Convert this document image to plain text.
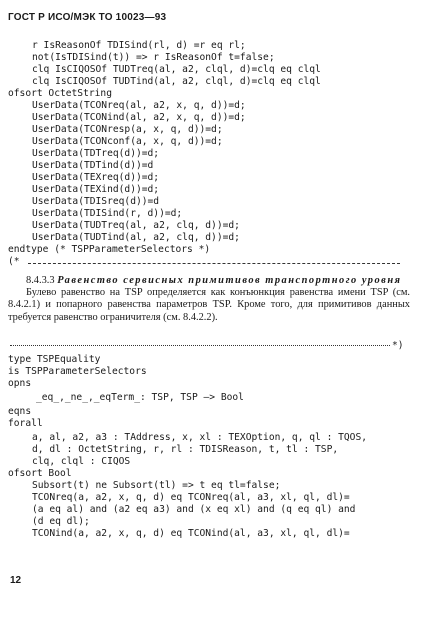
ГОСТ Р ИСО/МЭК ТО 10023—93

r IsReasonOf TDISind(rl, d) =r eq rl;

not(IsTDISind(t)) => r IsReasonOf t=false;

clq IsCIQOSOf TUDTreq(al, a2, clql, d)=clq eq clql

clq IsCIQOSOf TUDTind(al, a2, clql, d)=clq eq clql

ofsort OctetString

UserData(TCONreq(al, a2, x, q, d))=d;

UserData(TCONind(al, a2, x, q, d))=d;

UserData(TCONresp(a, x, q, d))=d;

UserData(TCONconf(a, x, q, d))=d;

UserData(TDTreq(d))=d;

UserData(TDTind(d))=d

UserData(TEXreq(d))=d;

UserData(TEXind(d))=d;

UserData(TDISreq(d))=d

UserData(TDISind(r, d))=d;

UserData(TUDTreq(al, a2, clq, d))=d;

UserData(TUDTind(al, a2, clq, d))=d;

endtype (* TSPParameterSelectors *)

(*

8.4.3.3 Равенство сервисных примитивов транспортного уровня
Булево равенство на TSP определяется как конъюнкция равенства имени TSP (см. 8.4.2.1) и попарного равенства параметров TSP. Кроме того, для примитивов данных требуется равенство ограничителя (см. 8.4.2.2).

*)

type TSPEquality

is TSPParameterSelectors

opns

_eq_,_ne_,_eqTerm_: TSP, TSP —> Bool

eqns

forall

a, al, a2, a3 : TAddress, x, xl : TEXOption, q, ql : TQOS,

d, dl : OctetString, r, rl : TDISReason, t, tl : TSP,

clq, clql : CIQOS

ofsort Bool

Subsort(t) ne Subsort(tl) => t eq tl=false;

TCONreq(a, a2, x, q, d) eq TCONreq(al, a3, xl, ql, dl)=

(a eq al) and (a2 eq a3) and (x eq xl) and (q eq ql) and

(d eq dl);

TCONind(a, a2, x, q, d) eq TCONind(al, a3, xl, ql, dl)=

12
